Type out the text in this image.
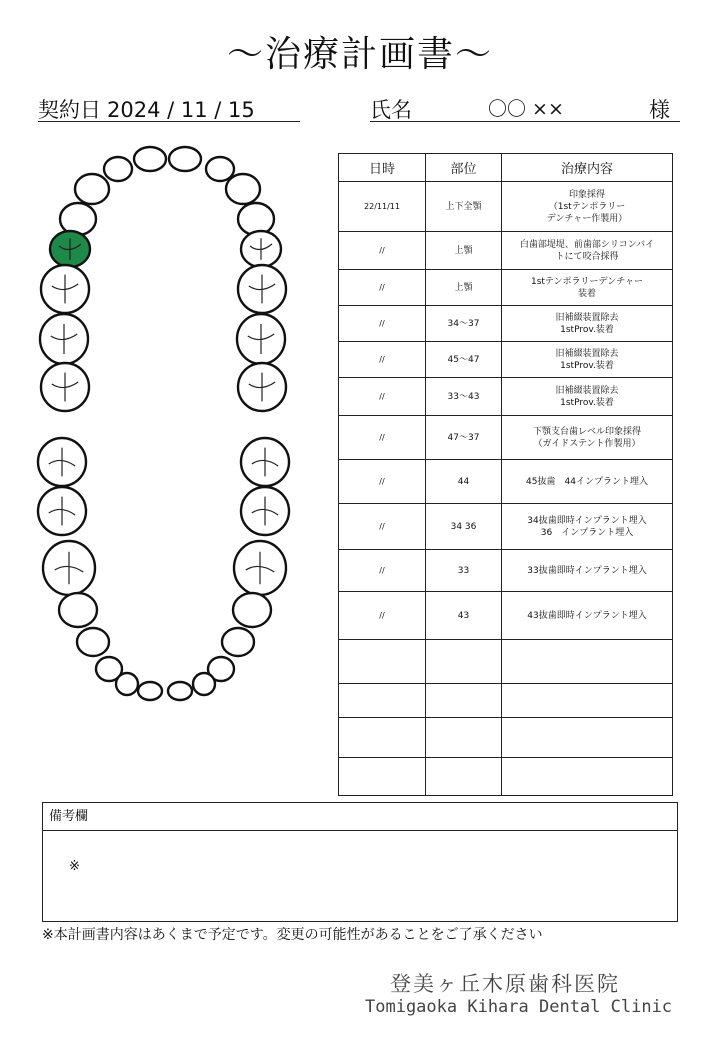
～治療計画書～
契約日 2024 / 11 / 15	氏名	〇〇 ××	様
日時	部位	治療内容
22/11/11	上下全顎	印象採得
（1stテンポラリー
デンチャー作製用）
//	上顎	白歯部堤堤、前歯部シリコンバイ
トにて咬合採得
//	上顎	1stテンポラリーデンチャー
装着
//	34〜37	旧補綴装置除去
1stProv.装着
//	45〜47	旧補綴装置除去
1stProv.装着
//	33〜43	旧補綴装置除去
1stProv.装着
//	47〜37	下顎支台歯レベル印象採得
（ガイドステント作製用）
//	44	45抜歯　44インプラント埋入
//	34 36	34抜歯即時インプラント埋入
36　インプラント埋入
//	33	33抜歯即時インプラント埋入
//	43	43抜歯即時インプラント埋入

備考欄
※
※本計画書内容はあくまで予定です。変更の可能性があることをご了承ください
登美ヶ丘木原歯科医院
Tomigaoka Kihara Dental Clinic
